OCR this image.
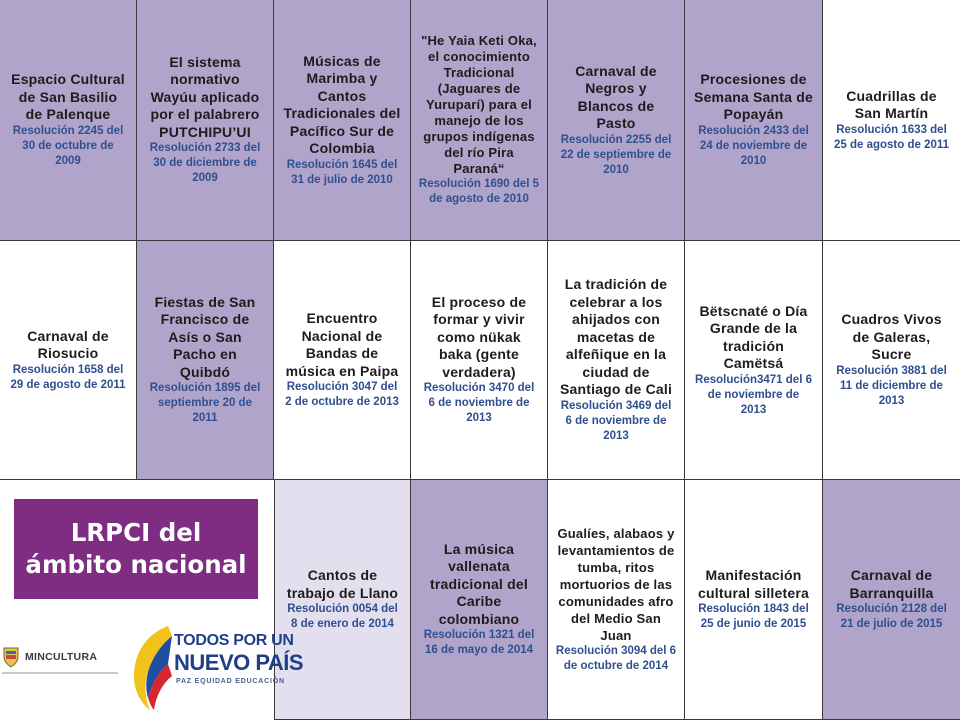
Espacio Cultural de San Basilio de Palenque
Resolución 2245 del 30 de octubre de 2009
El sistema normativo Wayúu aplicado por el palabrero PUTCHIPU’UI
Resolución 2733 del 30 de diciembre de 2009
Músicas de Marimba y Cantos Tradicionales del Pacífico Sur de Colombia
Resolución 1645 del 31 de julio de 2010
"He Yaia Keti Oka, el conocimiento Tradicional (Jaguares de Yuruparí) para el manejo de los grupos indígenas del río Pira Paraná“
Resolución 1690 del 5 de agosto de 2010
Carnaval de Negros y Blancos de Pasto
Resolución 2255 del 22 de septiembre de 2010
Procesiones de Semana Santa de Popayán
Resolución 2433 del 24 de noviembre de 2010
Cuadrillas de San Martín
Resolución 1633 del 25 de agosto de 2011
Carnaval de Riosucio
Resolución 1658 del 29 de agosto de 2011
Fiestas de San Francisco de Asís o San Pacho en Quibdó
Resolución 1895 del septiembre 20 de 2011
Encuentro Nacional de Bandas de música en Paipa
Resolución 3047 del 2 de octubre de 2013
El proceso de formar y vivir como nükak baka (gente verdadera)
Resolución 3470 del 6 de noviembre de 2013
La tradición de celebrar a los ahijados con macetas de alfeñique en la ciudad de Santiago de Cali
Resolución 3469 del 6 de noviembre de 2013
Bëtscnaté o Día Grande de la tradición Camëtsá
Resolución3471 del 6 de noviembre de 2013
Cuadros Vivos de Galeras, Sucre
Resolución 3881 del 11 de diciembre de 2013
Cantos de trabajo de Llano
Resolución 0054 del 8 de enero de 2014
La música vallenata tradicional del Caribe colombiano
Resolución 1321 del 16 de mayo de 2014
Gualíes, alabaos y levantamientos de tumba, ritos mortuorios de las comunidades afro del Medio San Juan
Resolución 3094 del 6 de octubre de 2014
Manifestación cultural silletera
Resolución 1843 del 25 de junio de 2015
Carnaval de Barranquilla
Resolución 2128 del 21 de julio de 2015
LRPCI del ámbito nacional
MINCULTURA
TODOS POR UN
NUEVO PAÍS
PAZ EQUIDAD EDUCACIÓN
